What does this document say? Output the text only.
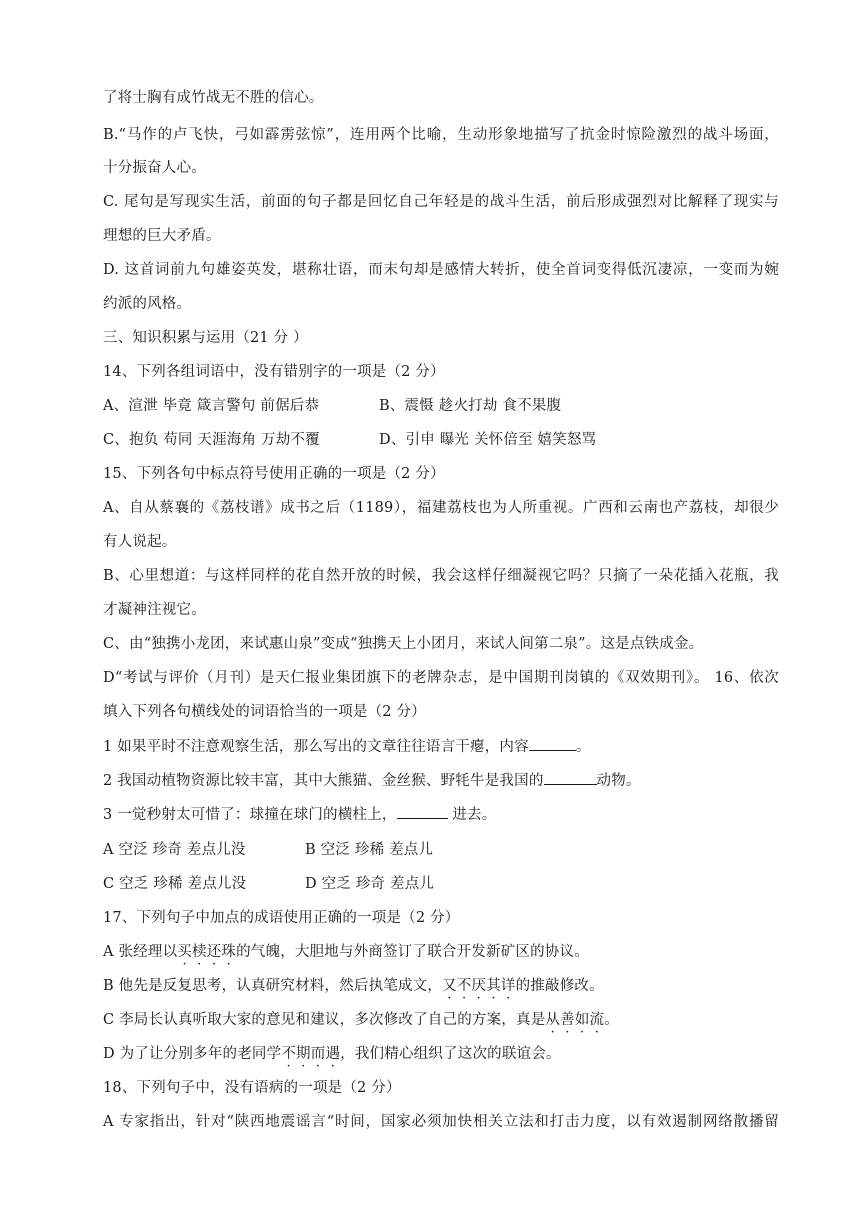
了将士胸有成竹战无不胜的信心。
B.“马作的卢飞快，弓如霹雳弦惊”，连用两个比喻，生动形象地描写了抗金时惊险激烈的战斗场面，
十分振奋人心。
C. 尾句是写现实生活，前面的句子都是回忆自己年轻是的战斗生活，前后形成强烈对比解释了现实与
理想的巨大矛盾。
D. 这首词前九句雄姿英发，堪称壮语，而末句却是感情大转折，使全首词变得低沉凄凉，一变而为婉
约派的风格。
三、知识积累与运用（21 分 ）
14、下列各组词语中，没有错别字的一项是（2 分）
A、渲泄 毕竟 箴言警句 前倨后恭	B、震慑 趁火打劫 食不果腹
C、抱负 苟同 天涯海角 万劫不覆	D、引申 曝光 关怀倍至 嬉笑怒骂
15、下列各句中标点符号使用正确的一项是（2 分）
A、自从蔡襄的《荔枝谱》成书之后（1189），福建荔枝也为人所重视。广西和云南也产荔枝，却很少
有人说起。
B、心里想道：与这样同样的花自然开放的时候，我会这样仔细凝视它吗？只摘了一朵花插入花瓶，我
才凝神注视它。
C、由“独携小龙团，来试惠山泉”变成“独携天上小团月，来试人间第二泉”。这是点铁成金。
D“考试与评价（月刊）是天仁报业集团旗下的老牌杂志，是中国期刊岗镇的《双效期刊》。 16、依次
填入下列各句横线处的词语恰当的一项是（2 分）
1 如果平时不注意观察生活，那么写出的文章往往语言干瘪，内容	。
2 我国动植物资源比较丰富，其中大熊猫、金丝猴、野牦牛是我国的	动物。
3 一觉秒射太可惜了：球撞在球门的横柱上，	进去。
A 空泛 珍奇 差点儿没	B 空泛 珍稀 差点儿
C 空乏 珍稀 差点儿没	D 空乏 珍奇 差点儿
17、下列句子中加点的成语使用正确的一项是（2 分）
A 张经理以买椟还珠的气魄，大胆地与外商签订了联合开发新矿区的协议。
B 他先是反复思考，认真研究材料，然后执笔成文，又不厌其详的推敲修改。
C 李局长认真听取大家的意见和建议，多次修改了自己的方案，真是从善如流。
D 为了让分别多年的老同学不期而遇，我们精心组织了这次的联谊会。
18、下列句子中，没有语病的一项是（2 分）
A 专家指出，针对“陕西地震谣言“时间，国家必须加快相关立法和打击力度，以有效遏制网络散播留
